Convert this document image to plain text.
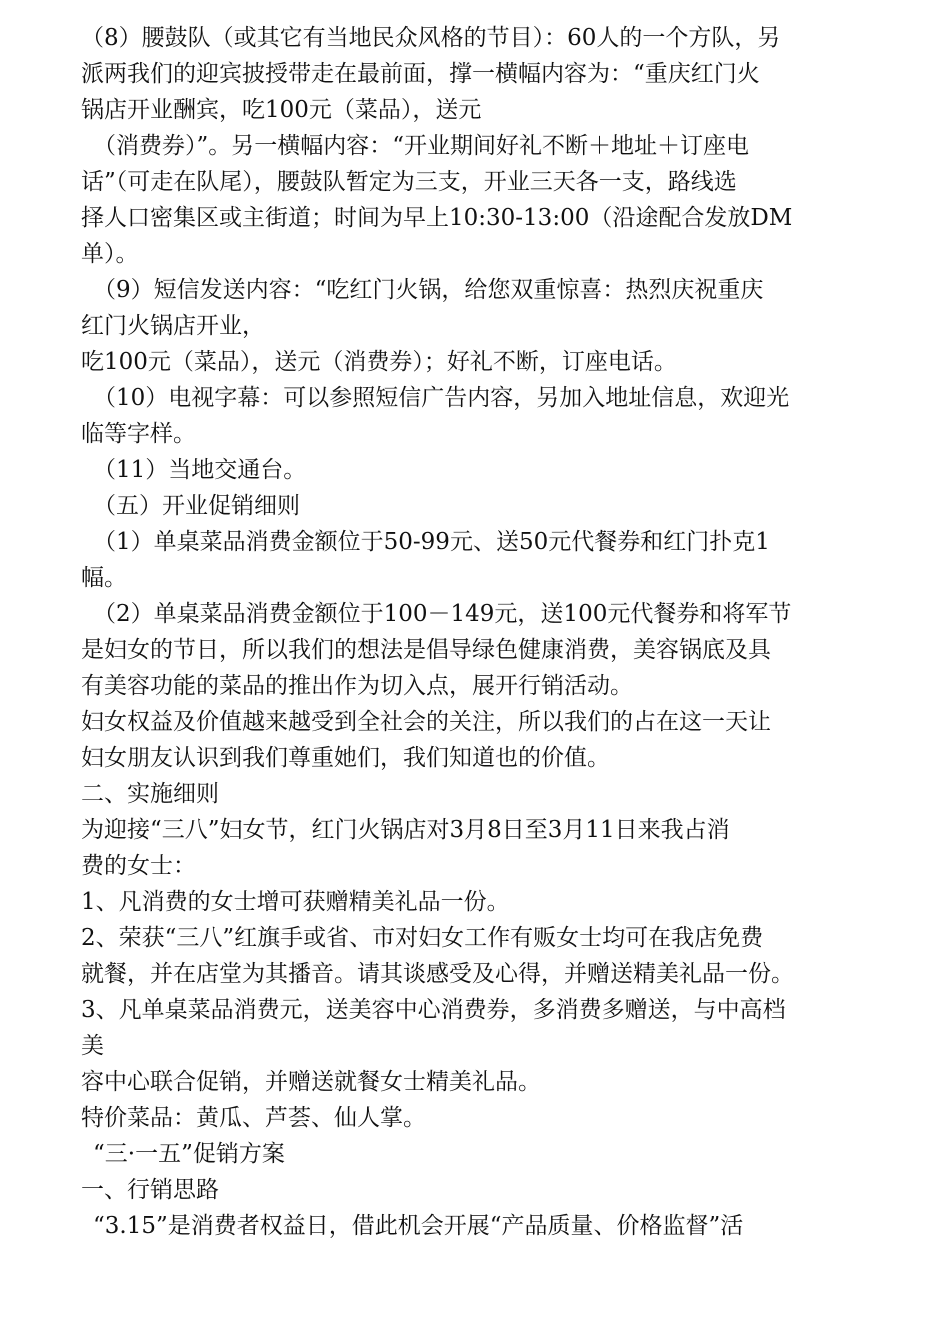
（8）腰鼓队（或其它有当地民众风格的节目）：60人的一个方队，另
派两我们的迎宾披授带走在最前面，撑一横幅内容为：“重庆红门火
锅店开业酬宾，吃100元（菜品），送元
（消费券）”。另一横幅内容：“开业期间好礼不断＋地址＋订座电
话”（可走在队尾），腰鼓队暂定为三支，开业三天各一支，路线选
择人口密集区或主街道；时间为早上10:30-13:00（沿途配合发放DM
单）。
（9）短信发送内容：“吃红门火锅，给您双重惊喜：热烈庆祝重庆
红门火锅店开业，
吃100元（菜品），送元（消费券）；好礼不断，订座电话。
（10）电视字幕：可以参照短信广告内容，另加入地址信息，欢迎光
临等字样。
（11）当地交通台。
（五）开业促销细则
（1）单桌菜品消费金额位于50-99元、送50元代餐券和红门扑克1
幅。
（2）单桌菜品消费金额位于100－149元，送100元代餐券和将军节
是妇女的节日，所以我们的想法是倡导绿色健康消费，美容锅底及具
有美容功能的菜品的推出作为切入点，展开行销活动。
妇女权益及价值越来越受到全社会的关注，所以我们的占在这一天让
妇女朋友认识到我们尊重她们，我们知道也的价值。
二、实施细则
为迎接“三八”妇女节，红门火锅店对3月8日至3月11日来我占消
费的女士：
1、凡消费的女士增可获赠精美礼品一份。
2、荣获“三八”红旗手或省、市对妇女工作有贩女士均可在我店免费
就餐，并在店堂为其播音。请其谈感受及心得，并赠送精美礼品一份。
3、凡单桌菜品消费元，送美容中心消费券，多消费多赠送，与中高档
美
容中心联合促销，并赠送就餐女士精美礼品。
特价菜品：黄瓜、芦荟、仙人掌。
“三·一五”促销方案
一、行销思路
“3.15”是消费者权益日，借此机会开展“产品质量、价格监督”活
